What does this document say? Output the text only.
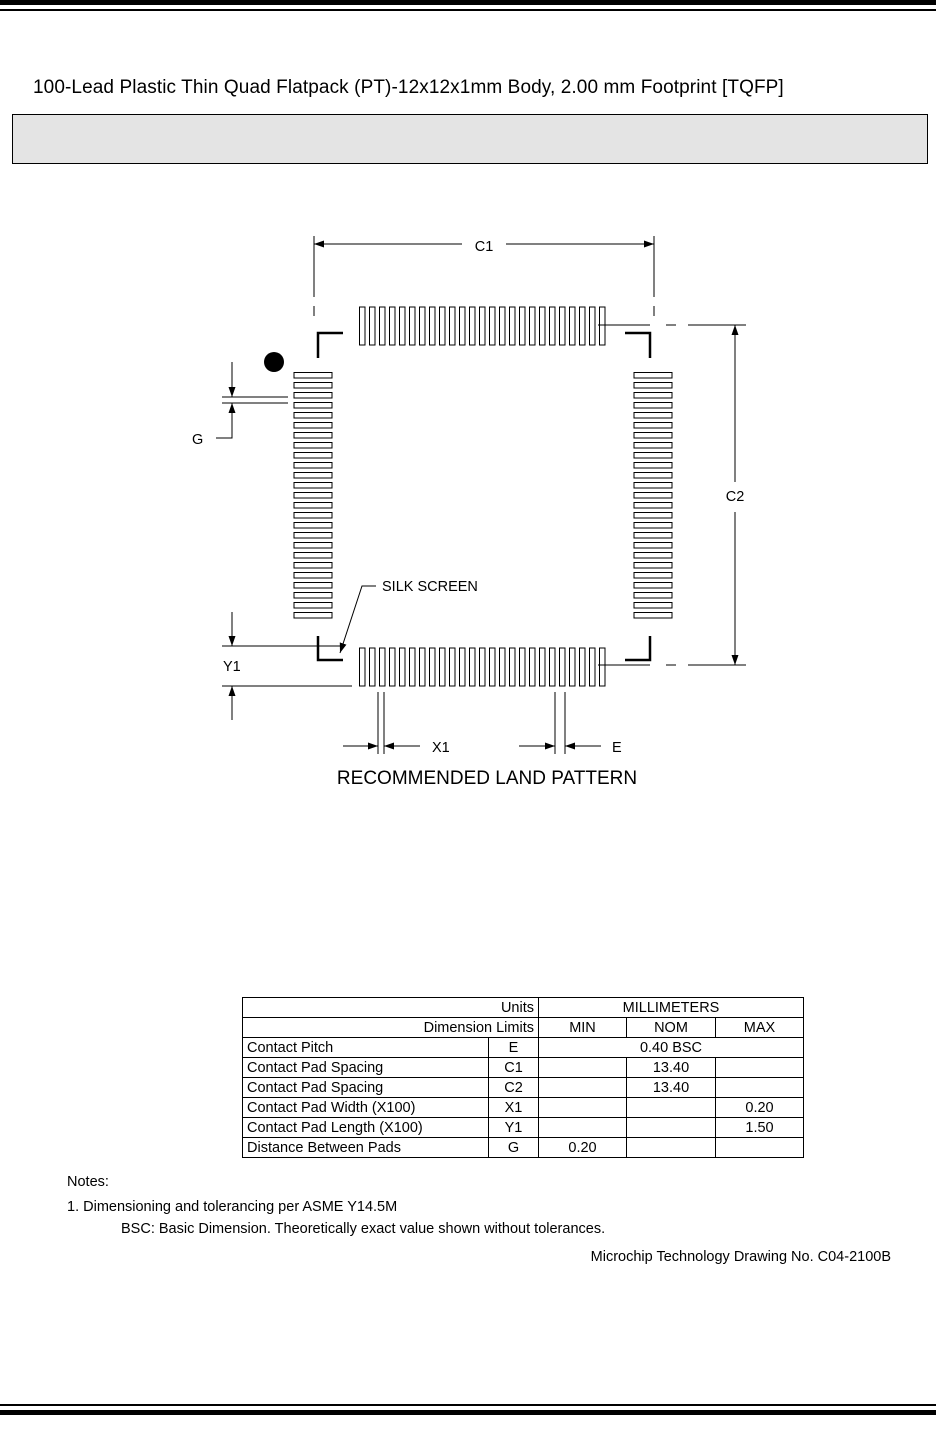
100-Lead Plastic Thin Quad Flatpack (PT)-12x12x1mm Body, 2.00 mm Footprint [TQFP]
C1
C2
G
Y1
X1	E
SILK SCREEN
RECOMMENDED LAND PATTERN
Units		MILLIMETERS		
Dimension Limits		MIN	NOM	MAX
Contact Pitch	E	0.40 BSC		
Contact Pad Spacing	C1		13.40	
Contact Pad Spacing	C2		13.40	
Contact Pad Width (X100)	X1			0.20
Contact Pad Length (X100)	Y1			1.50
Distance Between Pads	G	0.20		
Notes:
1. Dimensioning and tolerancing per ASME Y14.5M
BSC: Basic Dimension. Theoretically exact value shown without tolerances.
Microchip Technology Drawing No. C04-2100B
